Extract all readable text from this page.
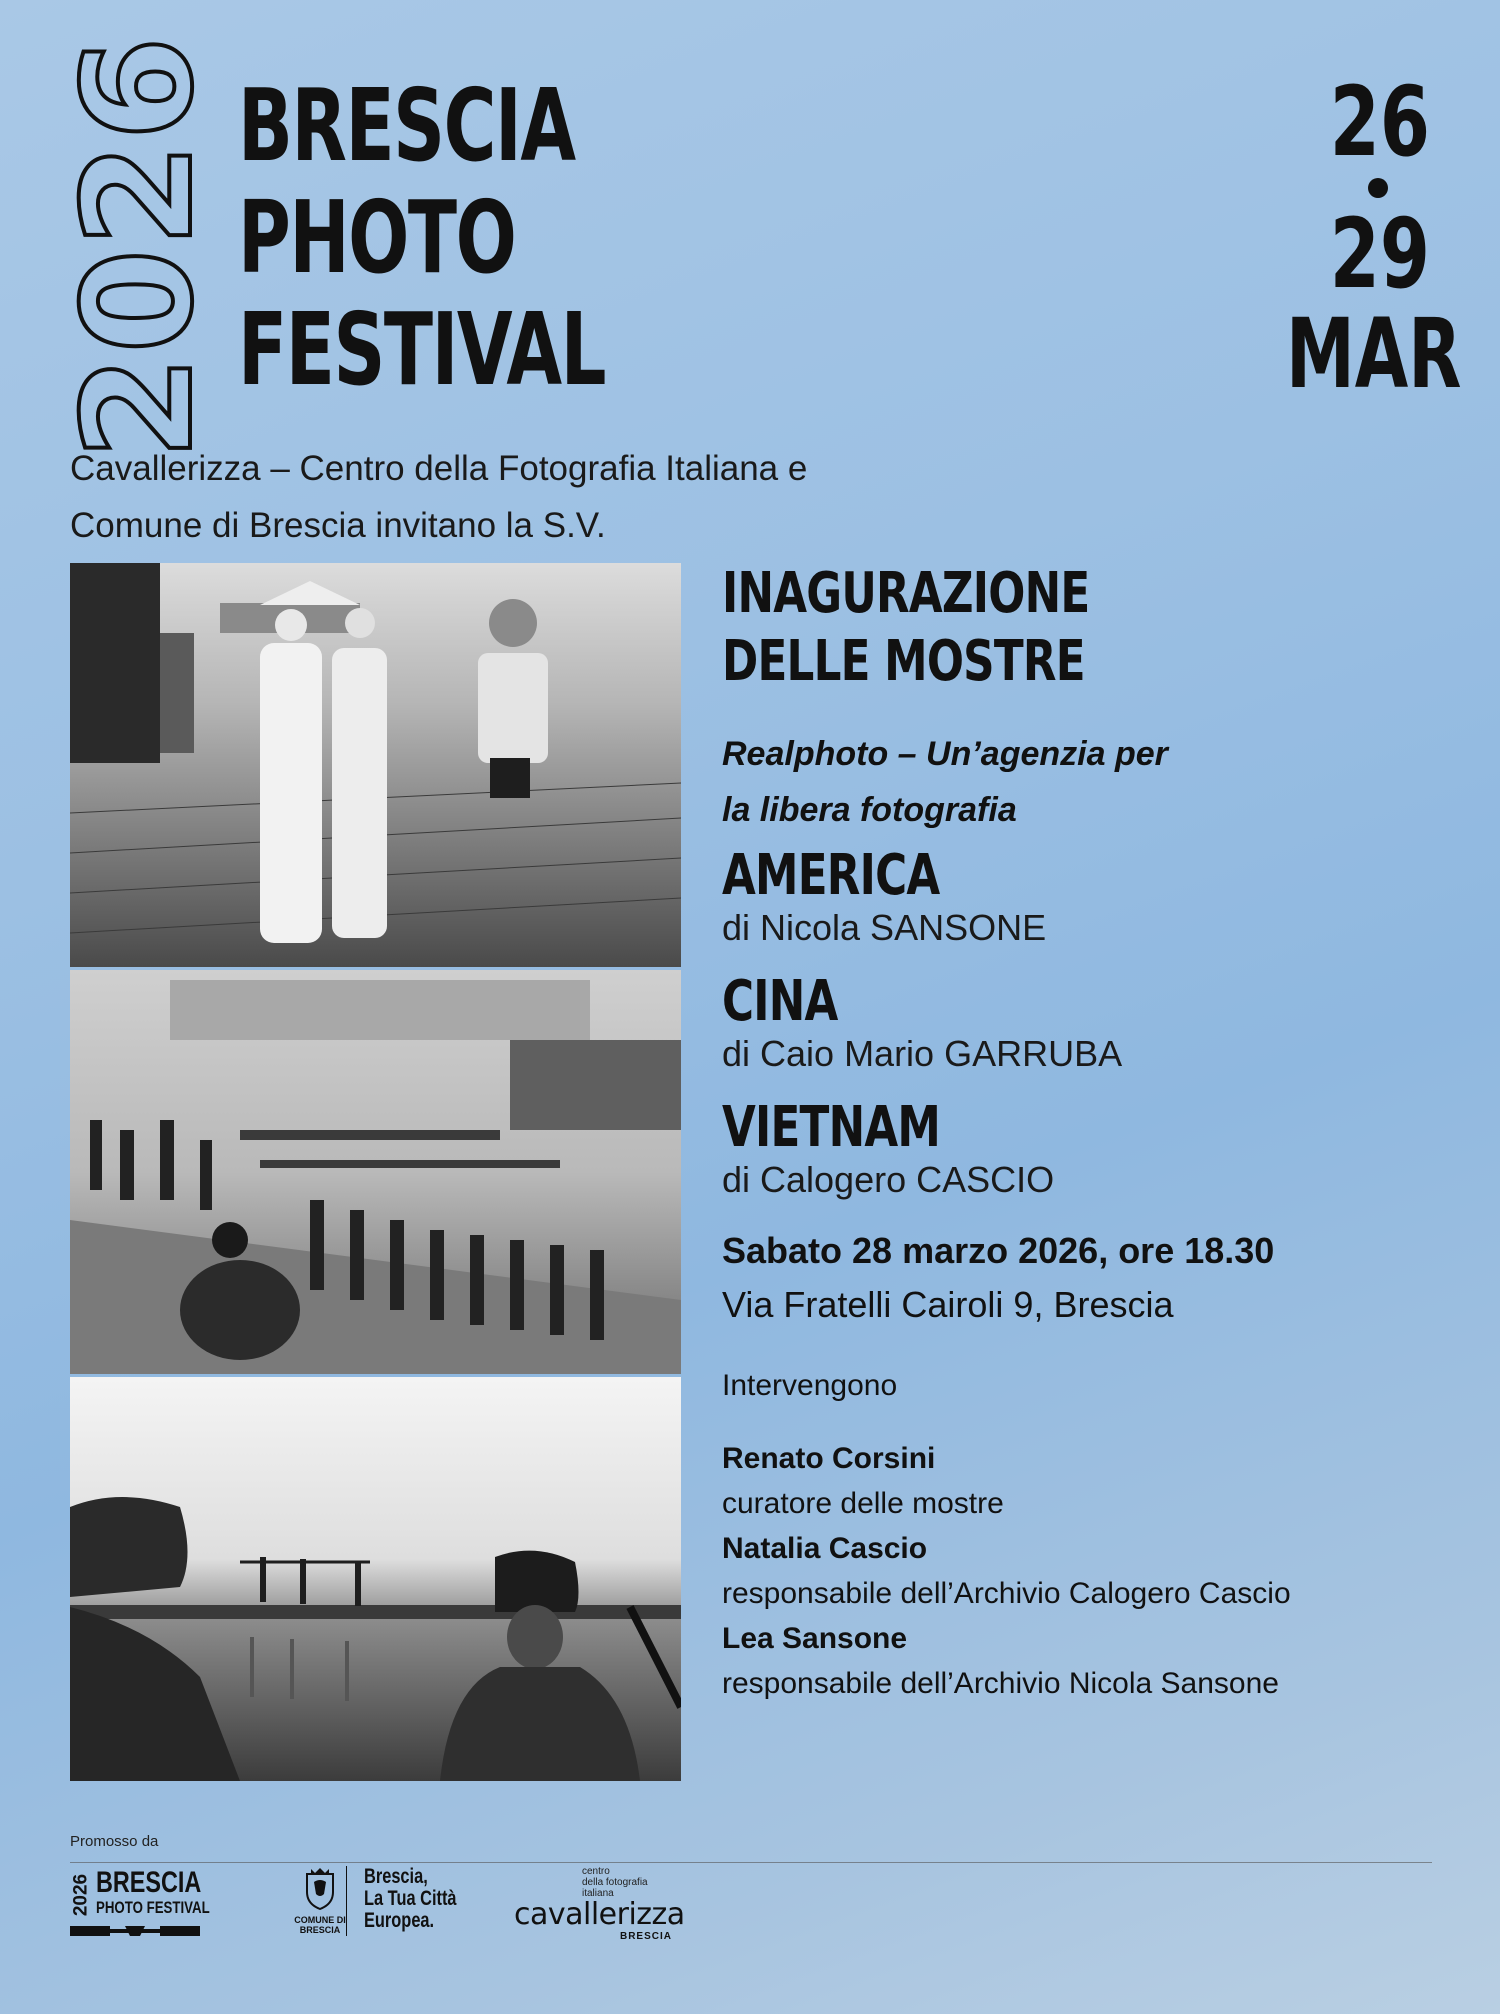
2026 BRESCIA
PHOTO
FESTIVAL
26
29
MAR
Cavallerizza – Centro della Fotografia Italiana e
Comune di Brescia invitano la S.V.
INAGURAZIONE
DELLE MOSTRE
Realphoto – Un’agenzia per
la libera fotografia
AMERICA
di Nicola SANSONE
CINA
di Caio Mario GARRUBA
VIETNAM
di Calogero CASCIO
Sabato 28 marzo 2026, ore 18.30
Via Fratelli Cairoli 9, Brescia
Intervengono
Renato Corsini
curatore delle mostre
Natalia Cascio
responsabile dell’Archivio Calogero Cascio
Lea Sansone
responsabile dell’Archivio Nicola Sansone
Promosso da
2026 BRESCIA
PHOTO FESTIVAL
COMUNE DI
BRESCIA
Brescia,
La Tua Città
Europea.
centro
della fotografia
italiana
cavallerizza
BRESCIA
